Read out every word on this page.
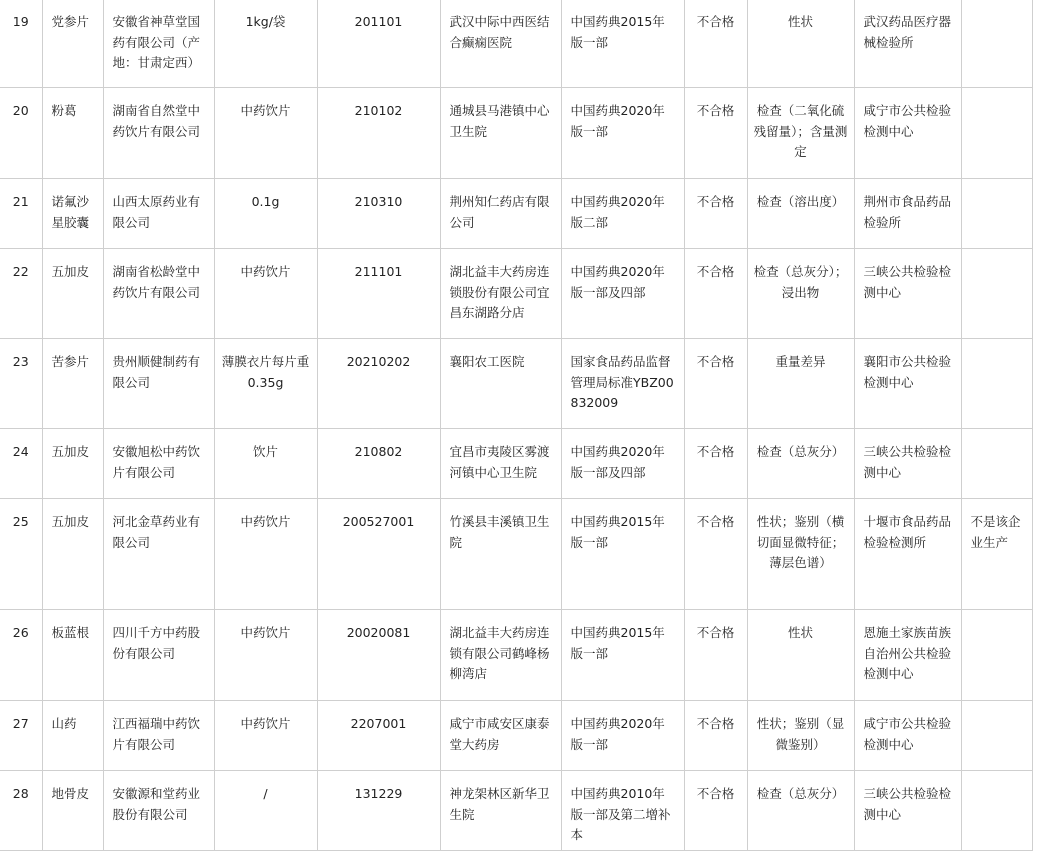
19	党参片	安徽省神草堂国药有限公司（产地：甘肃定西）	1kg/袋	201101	武汉中际中西医结合癫痫医院	中国药典2015年版一部	不合格	性状	武汉药品医疗器械检验所	
20	粉葛	湖南省自然堂中药饮片有限公司	中药饮片	210102	通城县马港镇中心卫生院	中国药典2020年版一部	不合格	检查（二氧化硫残留量）；含量测定	咸宁市公共检验检测中心	
21	诺氟沙星胶囊	山西太原药业有限公司	0.1g	210310	荆州知仁药店有限公司	中国药典2020年版二部	不合格	检查（溶出度）	荆州市食品药品检验所	
22	五加皮	湖南省松龄堂中药饮片有限公司	中药饮片	211101	湖北益丰大药房连锁股份有限公司宜昌东湖路分店	中国药典2020年版一部及四部	不合格	检查（总灰分）；浸出物	三峡公共检验检测中心	
23	苦参片	贵州顺健制药有限公司	薄膜衣片每片重0.35g	20210202	襄阳农工医院	国家食品药品监督管理局标准YBZ00832009	不合格	重量差异	襄阳市公共检验检测中心	
24	五加皮	安徽旭松中药饮片有限公司	饮片	210802	宜昌市夷陵区雾渡河镇中心卫生院	中国药典2020年版一部及四部	不合格	检查（总灰分）	三峡公共检验检测中心	
25	五加皮	河北金草药业有限公司	中药饮片	200527001	竹溪县丰溪镇卫生院	中国药典2015年版一部	不合格	性状；鉴别（横切面显微特征；薄层色谱）	十堰市食品药品检验检测所	不是该企业生产
26	板蓝根	四川千方中药股份有限公司	中药饮片	20020081	湖北益丰大药房连锁有限公司鹤峰杨柳湾店	中国药典2015年版一部	不合格	性状	恩施土家族苗族自治州公共检验检测中心	
27	山药	江西福瑞中药饮片有限公司	中药饮片	2207001	咸宁市咸安区康泰堂大药房	中国药典2020年版一部	不合格	性状；鉴别（显微鉴别）	咸宁市公共检验检测中心	
28	地骨皮	安徽源和堂药业股份有限公司	/	131229	神龙架林区新华卫生院	中国药典2010年版一部及第二增补本	不合格	检查（总灰分）	三峡公共检验检测中心	
